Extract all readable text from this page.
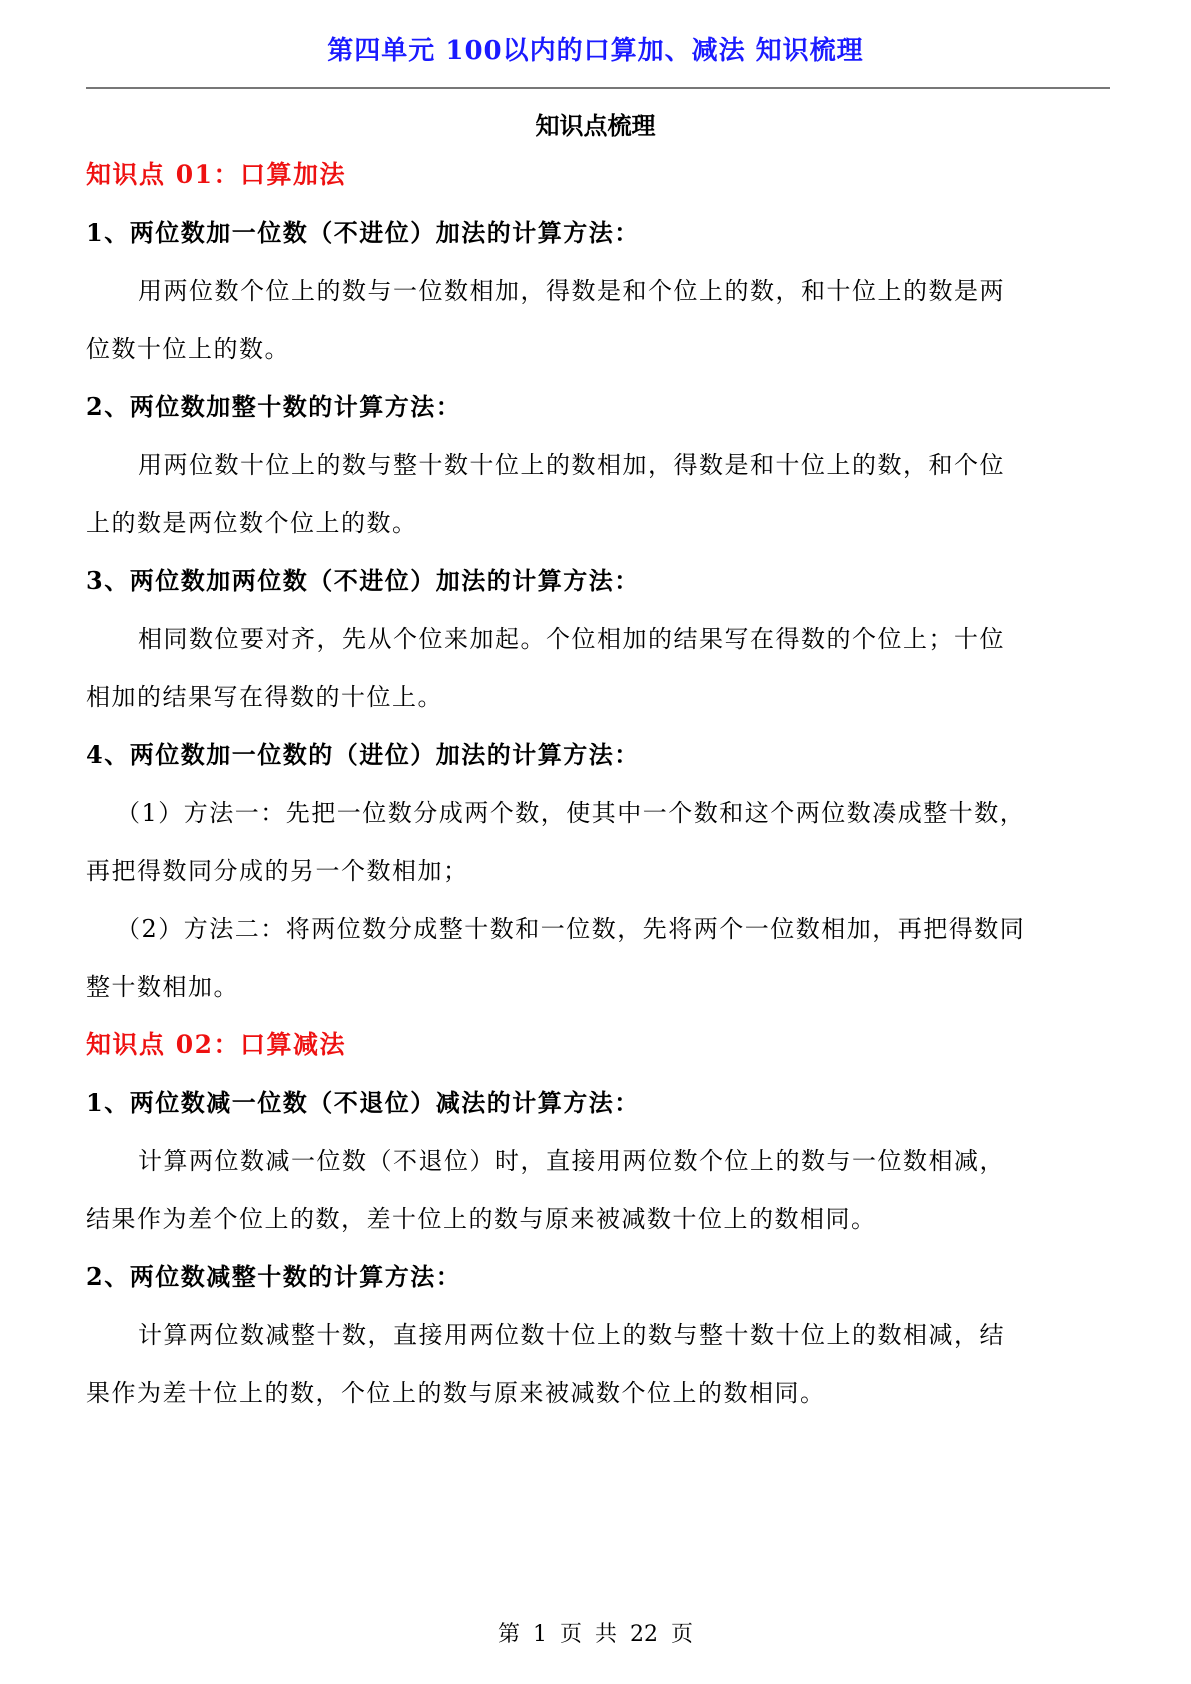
第四单元 100以内的口算加、减法 知识梳理
知识点梳理
知识点 01：口算加法
1、两位数加一位数（不进位）加法的计算方法：
用两位数个位上的数与一位数相加，得数是和个位上的数，和十位上的数是两
位数十位上的数。
2、两位数加整十数的计算方法：
用两位数十位上的数与整十数十位上的数相加，得数是和十位上的数，和个位
上的数是两位数个位上的数。
3、两位数加两位数（不进位）加法的计算方法：
相同数位要对齐，先从个位来加起。个位相加的结果写在得数的个位上；十位
相加的结果写在得数的十位上。
4、两位数加一位数的（进位）加法的计算方法：
（1）方法一：先把一位数分成两个数，使其中一个数和这个两位数凑成整十数，
再把得数同分成的另一个数相加；
（2）方法二：将两位数分成整十数和一位数，先将两个一位数相加，再把得数同
整十数相加。
知识点 02：口算减法
1、两位数减一位数（不退位）减法的计算方法：
计算两位数减一位数（不退位）时，直接用两位数个位上的数与一位数相减，
结果作为差个位上的数，差十位上的数与原来被减数十位上的数相同。
2、两位数减整十数的计算方法：
计算两位数减整十数，直接用两位数十位上的数与整十数十位上的数相减，结
果作为差十位上的数，个位上的数与原来被减数个位上的数相同。
第 1 页 共 22 页
